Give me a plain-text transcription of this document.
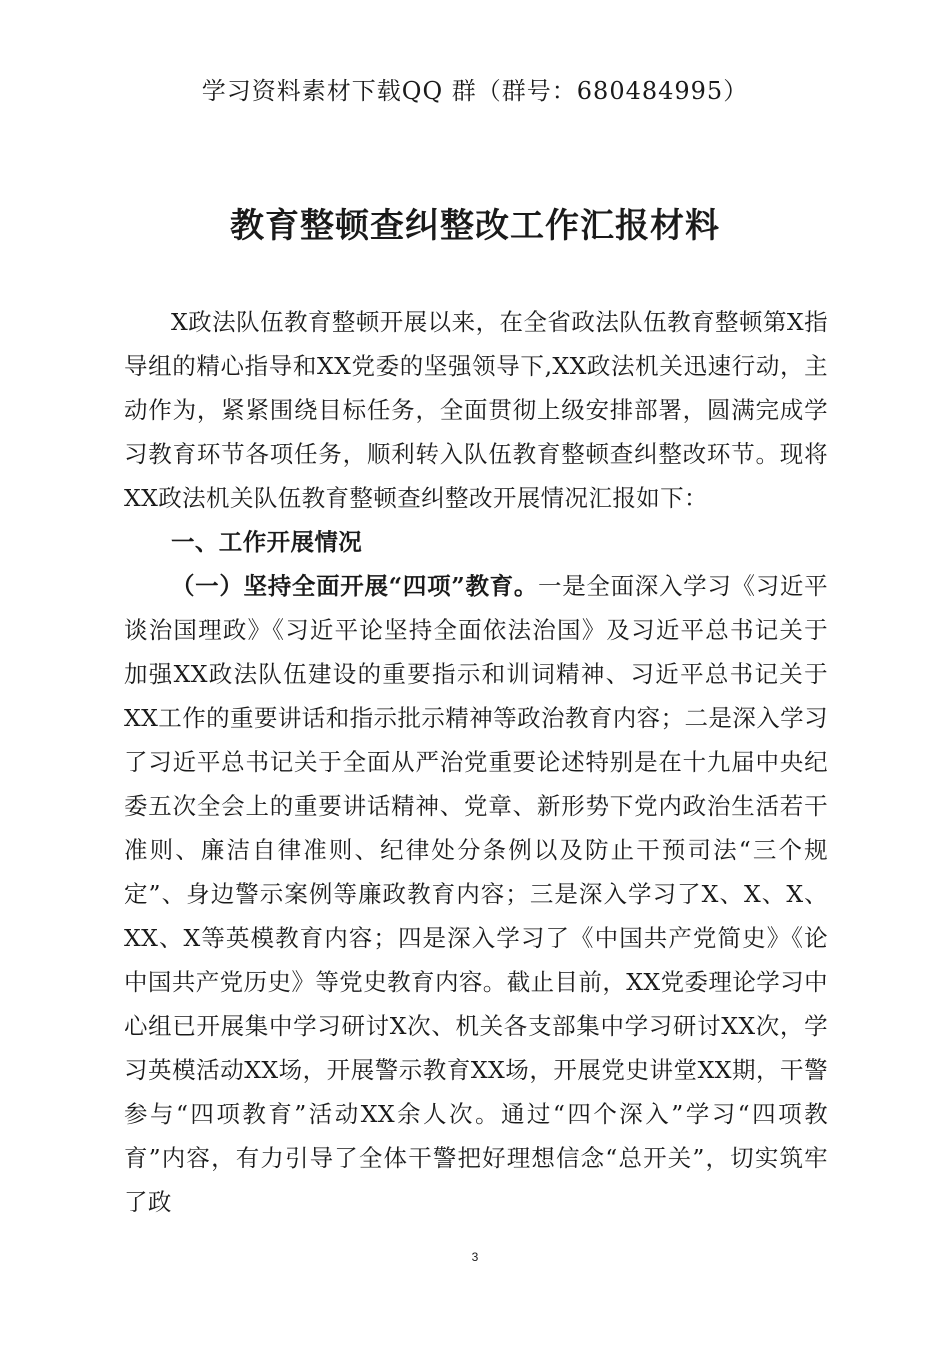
学习资料素材下载QQ 群（群号：680484995）
教育整顿查纠整改工作汇报材料

X政法队伍教育整顿开展以来，在全省政法队伍教育整顿第X指导组的精心指导和XX党委的坚强领导下,XX政法机关迅速行动，主动作为，紧紧围绕目标任务，全面贯彻上级安排部署，圆满完成学习教育环节各项任务，顺利转入队伍教育整顿查纠整改环节。现将XX政法机关队伍教育整顿查纠整改开展情况汇报如下：

一、工作开展情况

（一）坚持全面开展“四项”教育。一是全面深入学习《习近平谈治国理政》《习近平论坚持全面依法治国》及习近平总书记关于加强XX政法队伍建设的重要指示和训词精神、习近平总书记关于XX工作的重要讲话和指示批示精神等政治教育内容；二是深入学习了习近平总书记关于全面从严治党重要论述特别是在十九届中央纪委五次全会上的重要讲话精神、党章、新形势下党内政治生活若干准则、廉洁自律准则、纪律处分条例以及防止干预司法“三个规定”、身边警示案例等廉政教育内容；三是深入学习了X、X、X、XX、X等英模教育内容；四是深入学习了《中国共产党简史》《论中国共产党历史》等党史教育内容。截止目前，XX党委理论学习中心组已开展集中学习研讨X次、机关各支部集中学习研讨XX次，学习英模活动XX场，开展警示教育XX场，开展党史讲堂XX期，干警参与“四项教育”活动XX余人次。通过“四个深入”学习“四项教育”内容，有力引导了全体干警把好理想信念“总开关”，切实筑牢了政

3
